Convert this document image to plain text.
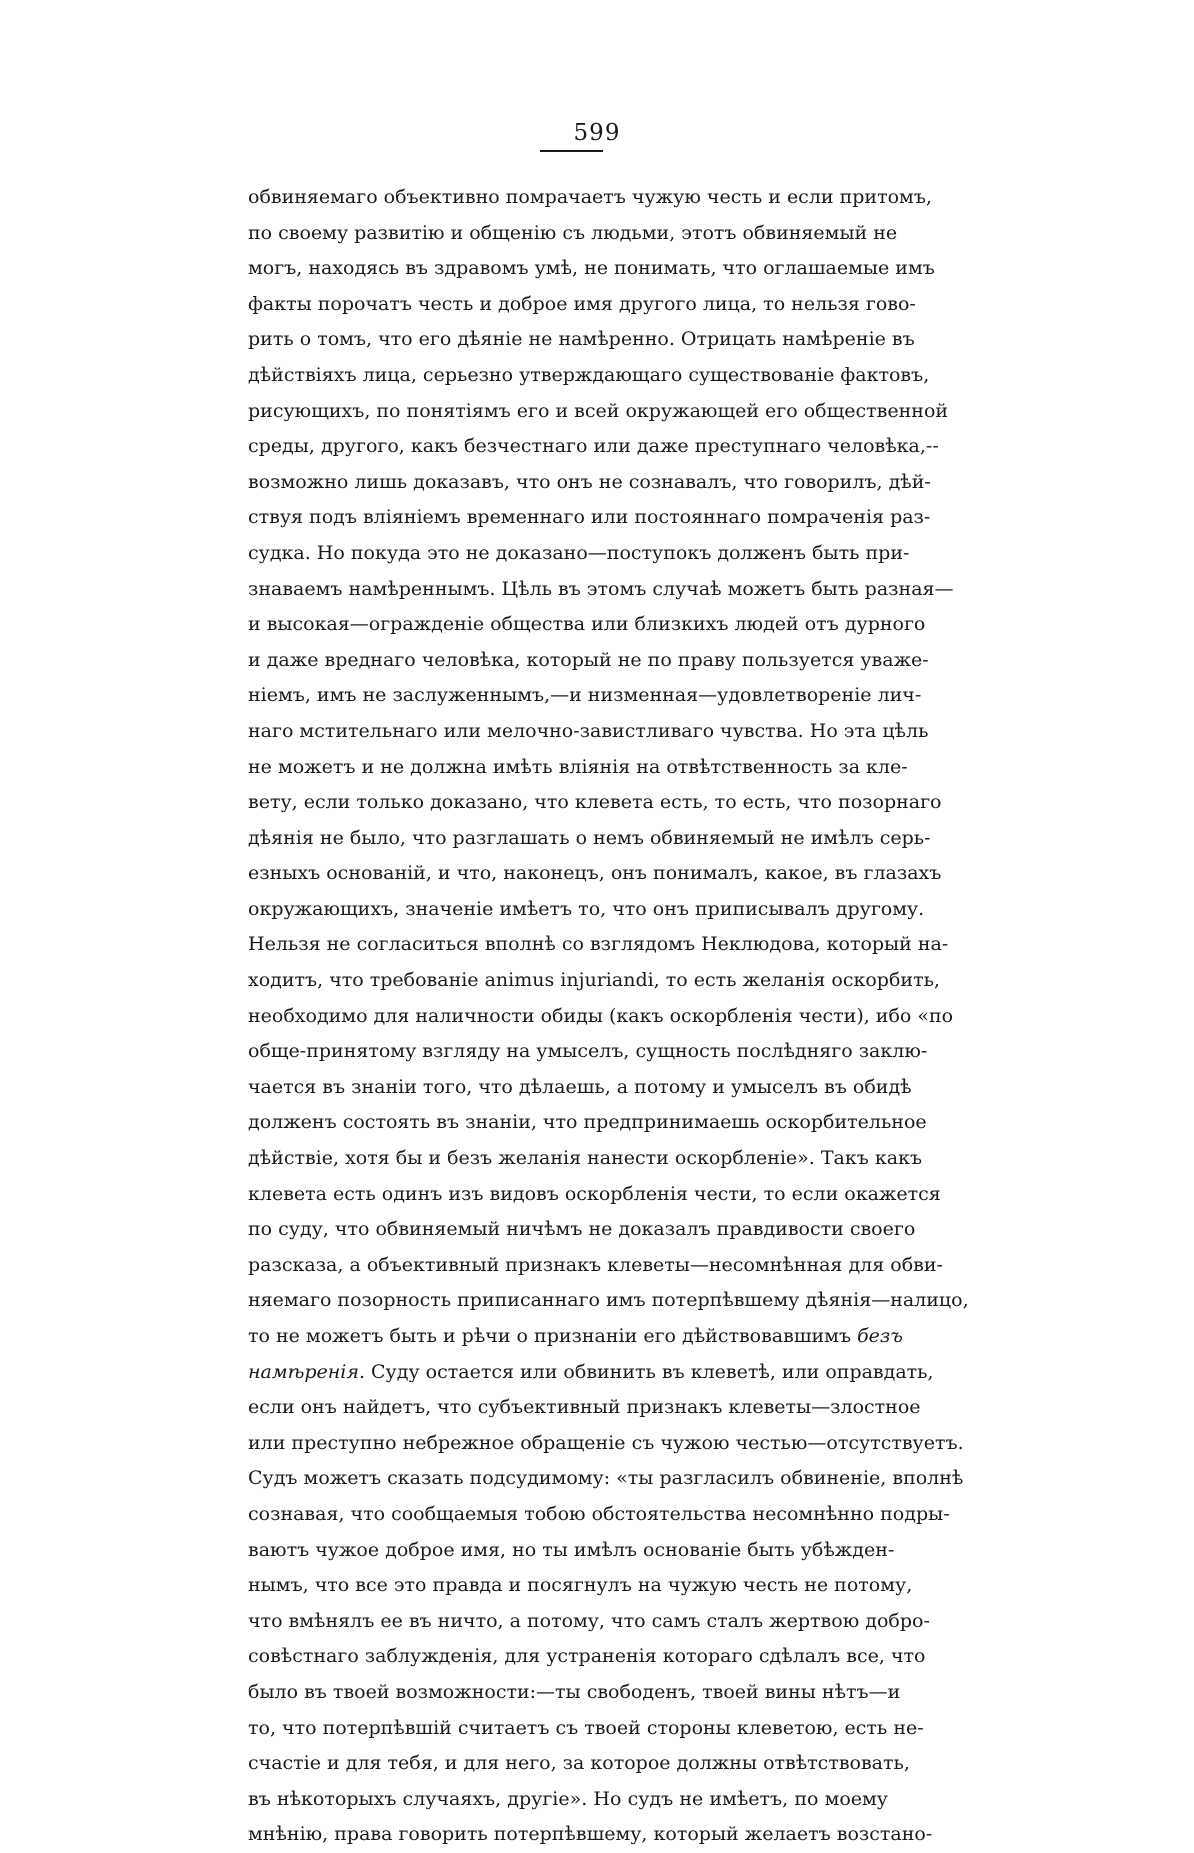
599
обвиняемаго объективно помрачаетъ чужую честь и если притомъ,
по своему развитiю и общенiю съ людьми, этотъ обвиняемый не
могъ, находясь въ здравомъ умѣ, не понимать, что оглашаемые имъ
факты порочатъ честь и доброе имя другого лица, то нельзя гово-
рить о томъ, что его дѣянiе не намѣренно. Отрицать намѣренiе въ
дѣйствiяхъ лица, серьезно утверждающаго существованiе фактовъ,
рисующихъ, по понятiямъ его и всей окружающей его общественной
среды, другого, какъ безчестнаго или даже преступнаго человѣка,--
возможно лишь доказавъ, что онъ не сознавалъ, что говорилъ, дѣй-
ствуя подъ влiянiемъ временнаго или постояннаго помраченiя раз-
судка. Но покуда это не доказано—поступокъ долженъ быть при-
знаваемъ намѣреннымъ. Цѣль въ этомъ случаѣ можетъ быть разная—
и высокая—огражденiе общества или близкихъ людей отъ дурного
и даже вреднаго человѣка, который не по праву пользуется уваже-
нiемъ, имъ не заслуженнымъ,—и низменная—удовлетворенiе лич-
наго мстительнаго или мелочно-завистливаго чувства. Но эта цѣль
не можетъ и не должна имѣть влiянiя на отвѣтственность за кле-
вету, если только доказано, что клевета есть, то есть, что позорнаго
дѣянiя не было, что разглашать о немъ обвиняемый не имѣлъ серь-
езныхъ основанiй, и что, наконецъ, онъ понималъ, какое, въ глазахъ
окружающихъ, значенiе имѣетъ то, что онъ приписывалъ другому.
Нельзя не согласиться вполнѣ со взглядомъ Неклюдова, который на-
ходитъ, что требованiе animus injuriandi, то есть желанiя оскорбить,
необходимо для наличности обиды (какъ оскорбленiя чести), ибо «по
обще-принятому взгляду на умыселъ, сущность послѣдняго заклю-
чается въ знанiи того, что дѣлаешь, а потому и умыселъ въ обидѣ
долженъ состоять въ знанiи, что предпринимаешь оскорбительное
дѣйствiе, хотя бы и безъ желанiя нанести оскорбленiе». Такъ какъ
клевета есть одинъ изъ видовъ оскорбленiя чести, то если окажется
по суду, что обвиняемый ничѣмъ не доказалъ правдивости своего
разсказа, а объективный признакъ клеветы—несомнѣнная для обви-
няемаго позорность приписаннаго имъ потерпѣвшему дѣянiя—налицо,
то не можетъ быть и рѣчи о признанiи его дѣйствовавшимъ безъ
намѣренiя. Суду остается или обвинить въ клеветѣ, или оправдать,
если онъ найдетъ, что субъективный признакъ клеветы—злостное
или преступно небрежное обращенiе съ чужою честью—отсутствуетъ.
Судъ можетъ сказать подсудимому: «ты разгласилъ обвиненiе, вполнѣ
сознавая, что сообщаемыя тобою обстоятельства несомнѣнно подры-
ваютъ чужое доброе имя, но ты имѣлъ основанiе быть убѣжден-
нымъ, что все это правда и посягнулъ на чужую честь не потому,
что вмѣнялъ ее въ ничто, а потому, что самъ сталъ жертвою добро-
совѣстнаго заблужденiя, для устраненiя котораго сдѣлалъ все, что
было въ твоей возможности:—ты свободенъ, твоей вины нѣтъ—и
то, что потерпѣвшiй считаетъ съ твоей стороны клеветою, есть не-
счастiе и для тебя, и для него, за которое должны отвѣтствовать,
въ нѣкоторыхъ случаяхъ, другiе». Но судъ не имѣетъ, по моему
мнѣнiю, права говорить потерпѣвшему, который желаетъ возстано-
